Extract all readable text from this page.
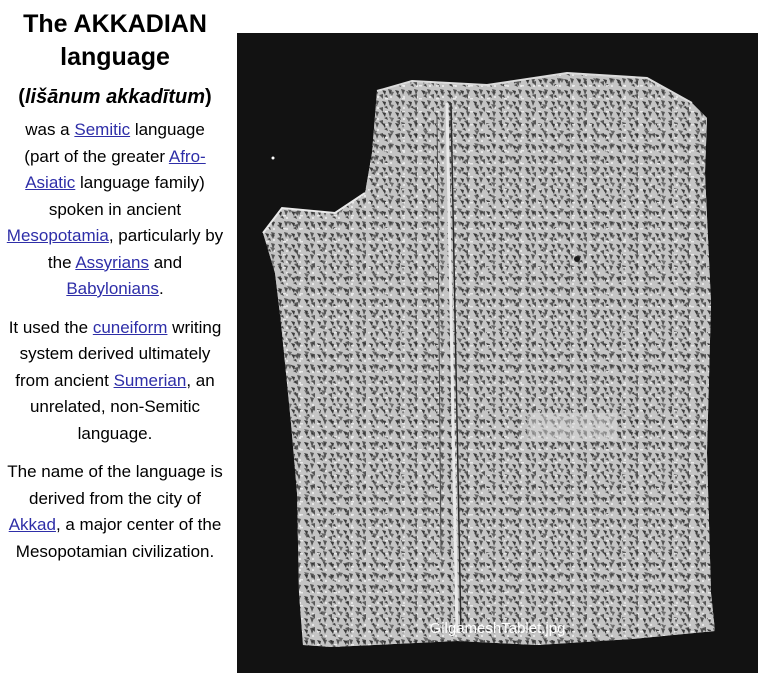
The AKKADIAN language

(lišānum akkadītum)

was a Semitic language (part of the greater Afro-Asiatic language family) spoken in ancient Mesopotamia, particularly by the Assyrians and Babylonians.

It used the cuneiform writing system derived ultimately from ancient Sumerian, an unrelated, non-Semitic language.

The name of the language is derived from the city of Akkad, a major center of the Mesopotamian civilization.

GilgameshTablet.jpg
